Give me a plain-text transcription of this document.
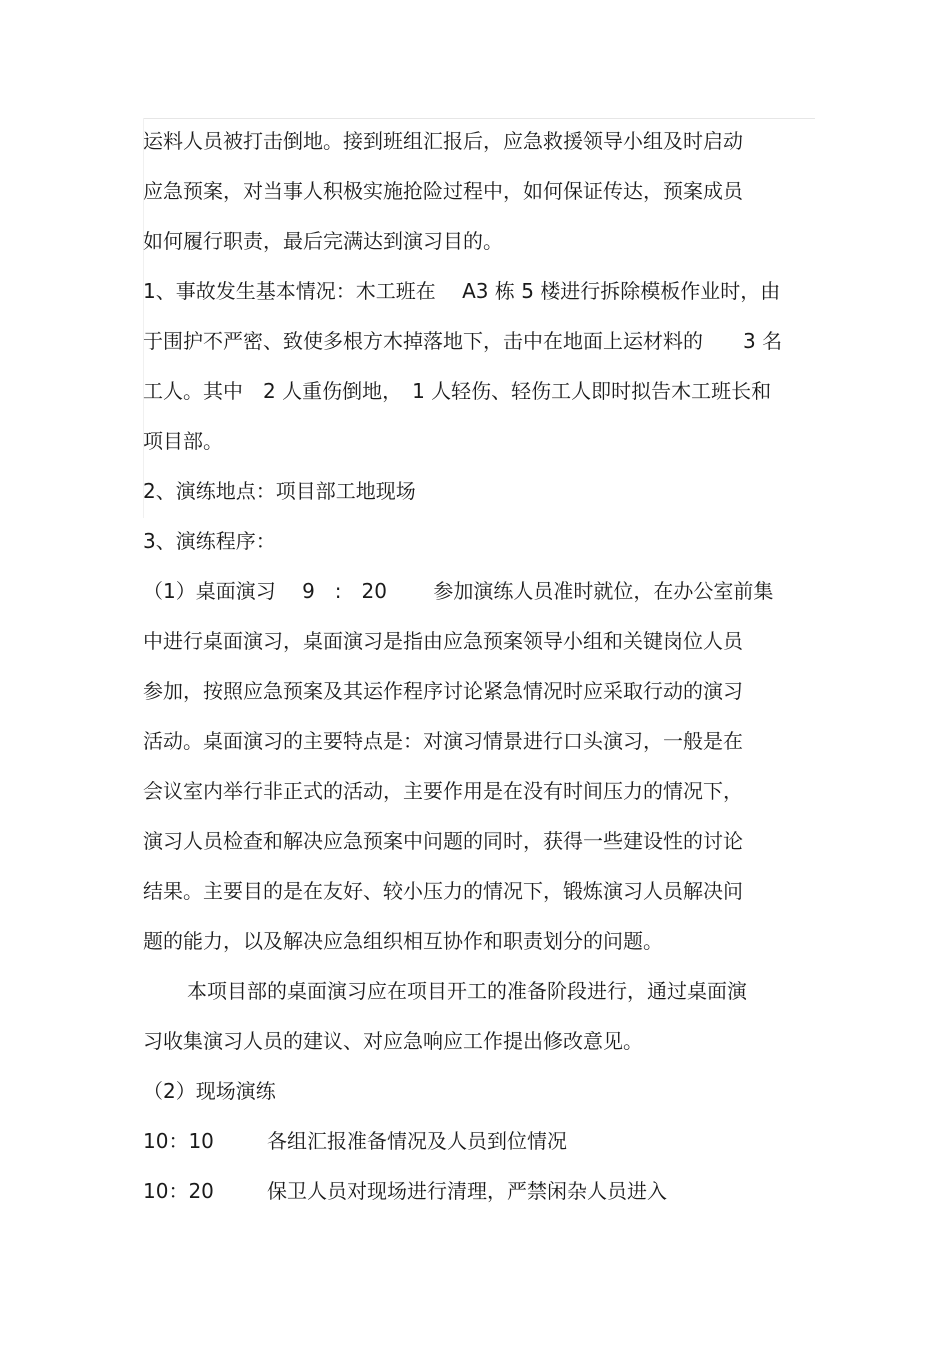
运料人员被打击倒地。接到班组汇报后，应急救援领导小组及时启动

应急预案，对当事人积极实施抢险过程中，如何保证传达，预案成员

如何履行职责，最后完满达到演习目的。

1、事故发生基本情况：木工班在　 A3 栋 5 楼进行拆除模板作业时，由

于围护不严密、致使多根方木掉落地下，击中在地面上运材料的　　3 名

工人。其中　2 人重伤倒地，　1 人轻伤、轻伤工人即时拟告木工班长和

项目部。

2、演练地点：项目部工地现场

3、演练程序：

（1）桌面演习　 9　:　20　　 参加演练人员准时就位，在办公室前集

中进行桌面演习，桌面演习是指由应急预案领导小组和关键岗位人员

参加，按照应急预案及其运作程序讨论紧急情况时应采取行动的演习

活动。桌面演习的主要特点是：对演习情景进行口头演习，一般是在

会议室内举行非正式的活动，主要作用是在没有时间压力的情况下，

演习人员检查和解决应急预案中问题的同时，获得一些建设性的讨论

结果。主要目的是在友好、较小压力的情况下，锻炼演习人员解决问

题的能力，以及解决应急组织相互协作和职责划分的问题。

本项目部的桌面演习应在项目开工的准备阶段进行，通过桌面演

习收集演习人员的建议、对应急响应工作提出修改意见。

（2）现场演练

10：10	各组汇报准备情况及人员到位情况
10：20	保卫人员对现场进行清理，严禁闲杂人员进入
